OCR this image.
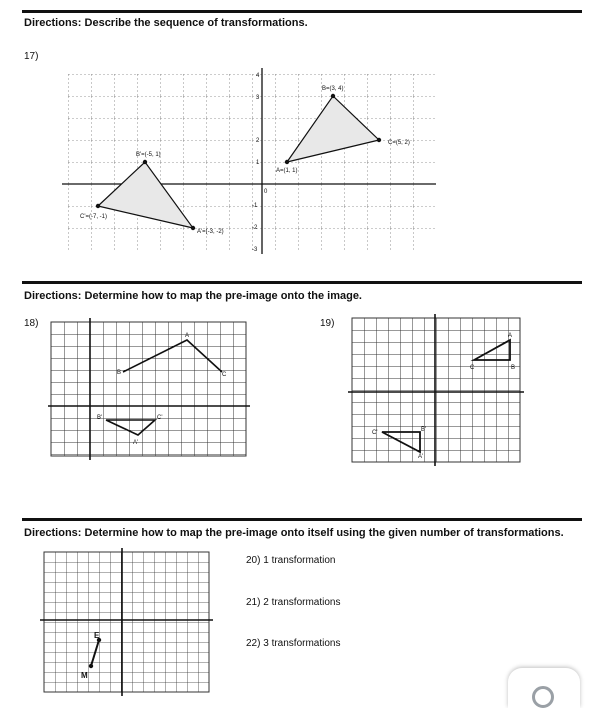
Directions: Describe the sequence of transformations.
17)
Directions: Determine how to map the pre-image onto the image.
18)	19)
Directions: Determine how to map the pre-image onto itself using the given number of transformations.
20) 1 transformation
21) 2 transformations
22) 3 transformations
B=(3, 4)
C=(5, 2)
A=(1, 1)
B'=(-5, 1)
C'=(-7, -1)
A'=(-3, -2)
4
3
2
1
-1
-2
-3
0
B
A
C
B'	C'
A'
A
C	B
C'	B'
A'
E
M
